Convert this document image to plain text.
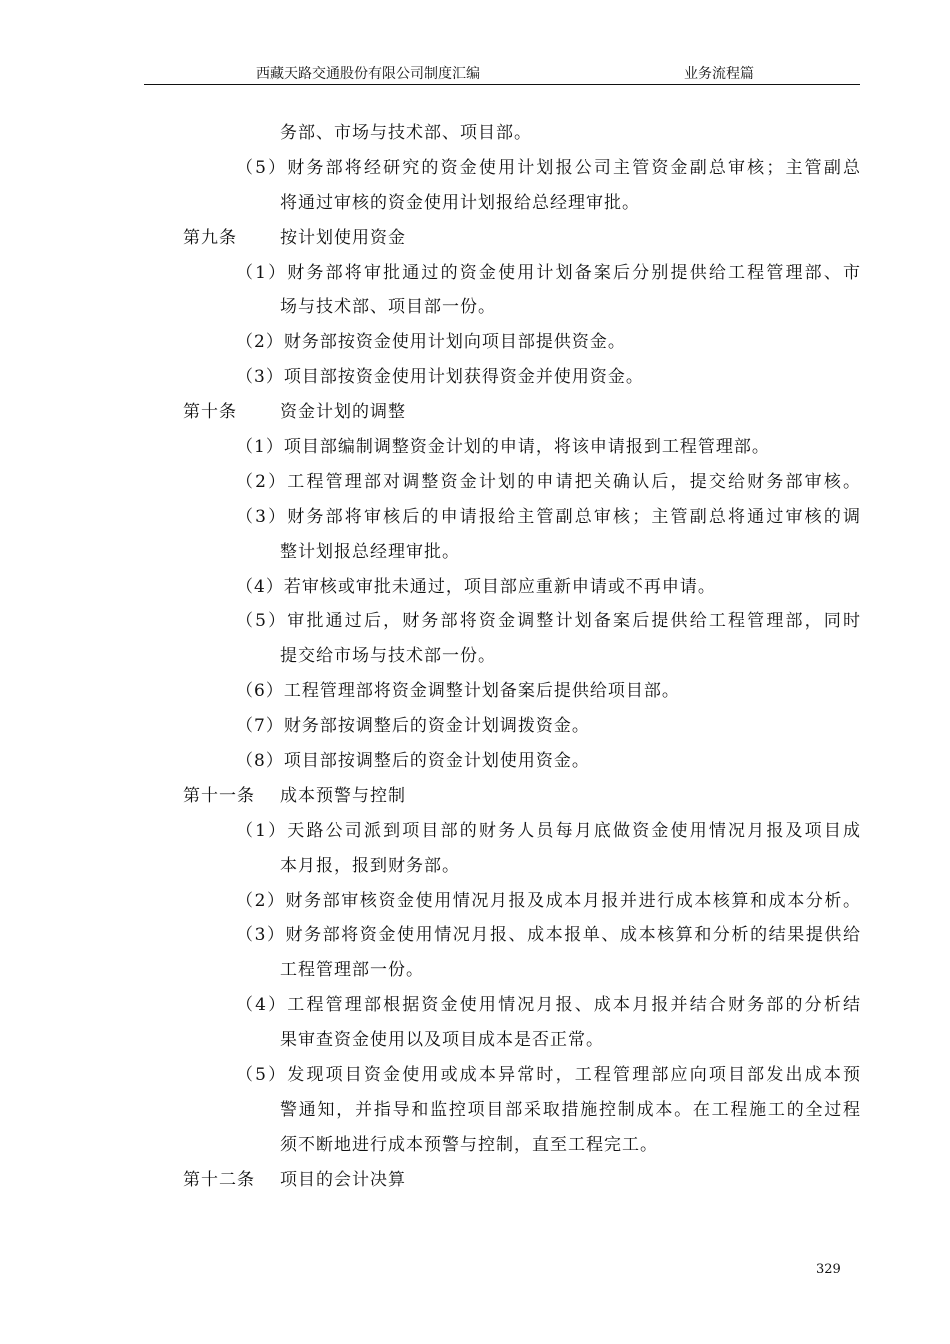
西藏天路交通股份有限公司制度汇编	业务流程篇
务部、市场与技术部、项目部。
（5）财务部将经研究的资金使用计划报公司主管资金副总审核；主管副总
将通过审核的资金使用计划报给总经理审批。
第九条	按计划使用资金
（1）财务部将审批通过的资金使用计划备案后分别提供给工程管理部、市
场与技术部、项目部一份。
（2）财务部按资金使用计划向项目部提供资金。
（3）项目部按资金使用计划获得资金并使用资金。
第十条	资金计划的调整
（1）项目部编制调整资金计划的申请，将该申请报到工程管理部。
（2）工程管理部对调整资金计划的申请把关确认后，提交给财务部审核。
（3）财务部将审核后的申请报给主管副总审核；主管副总将通过审核的调
整计划报总经理审批。
（4）若审核或审批未通过，项目部应重新申请或不再申请。
（5）审批通过后，财务部将资金调整计划备案后提供给工程管理部，同时
提交给市场与技术部一份。
（6）工程管理部将资金调整计划备案后提供给项目部。
（7）财务部按调整后的资金计划调拨资金。
（8）项目部按调整后的资金计划使用资金。
第十一条 成本预警与控制
（1）天路公司派到项目部的财务人员每月底做资金使用情况月报及项目成
本月报，报到财务部。
（2）财务部审核资金使用情况月报及成本月报并进行成本核算和成本分析。
（3）财务部将资金使用情况月报、成本报单、成本核算和分析的结果提供给
工程管理部一份。
（4）工程管理部根据资金使用情况月报、成本月报并结合财务部的分析结
果审查资金使用以及项目成本是否正常。
（5）发现项目资金使用或成本异常时，工程管理部应向项目部发出成本预
警通知，并指导和监控项目部采取措施控制成本。在工程施工的全过程
须不断地进行成本预警与控制，直至工程完工。
第十二条 项目的会计决算
329
